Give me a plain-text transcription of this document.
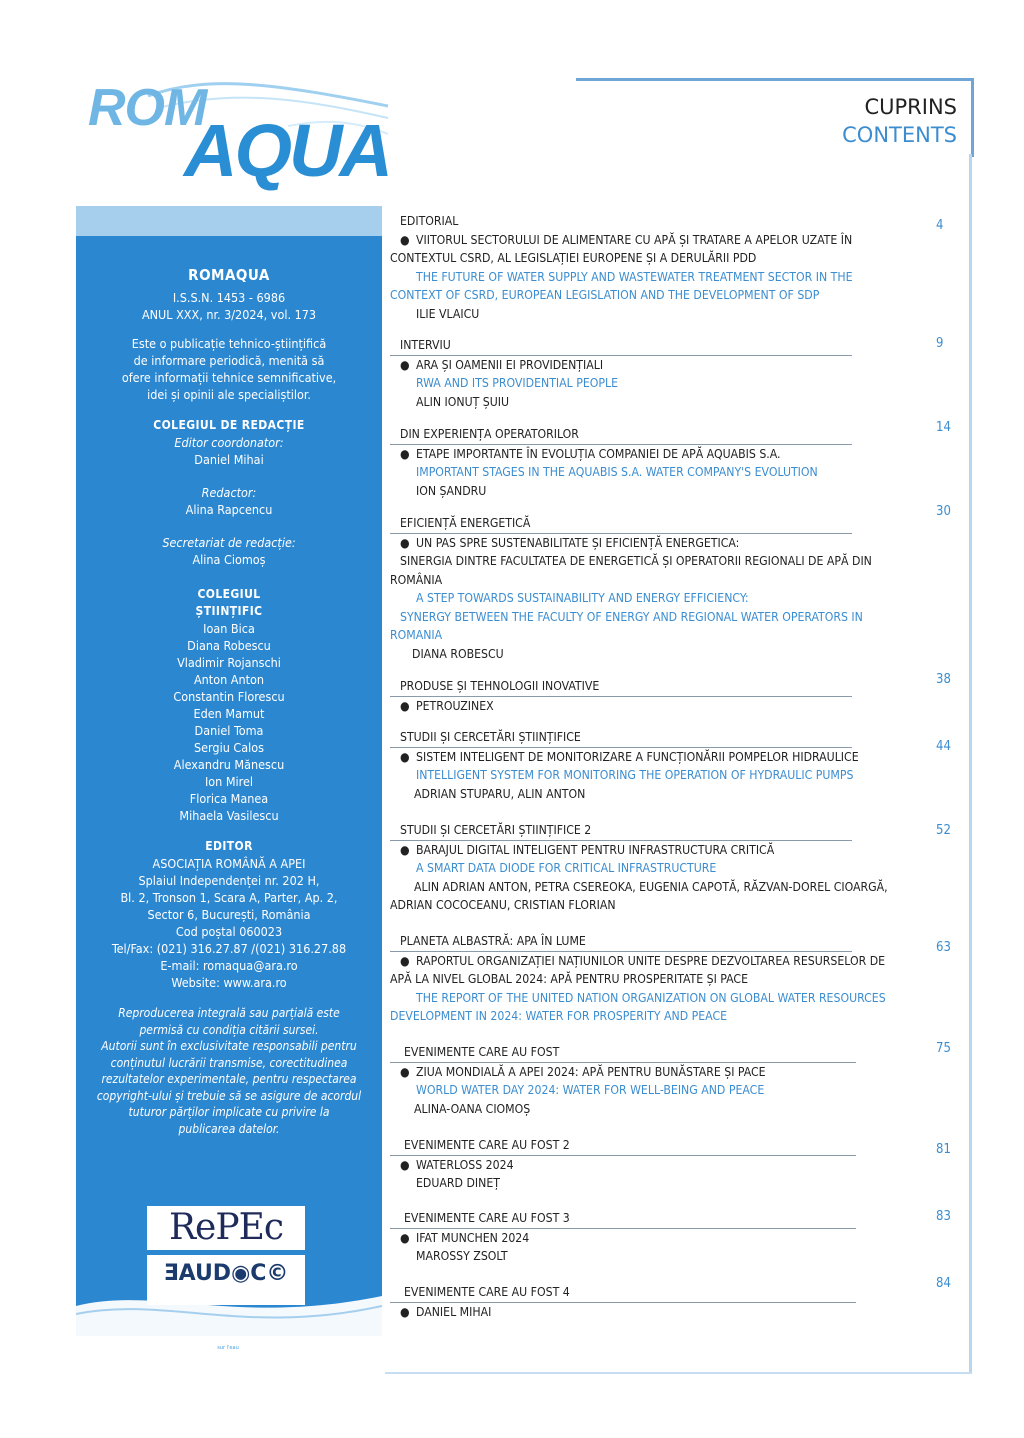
ROM
AQUA
CUPRINS
CONTENTS

ROMAQUA

I.S.S.N. 1453 - 6986

ANUL XXX, nr. 3/2024, vol. 173

Este o publicație tehnico-științifică

de informare periodică, menită să

ofere informații tehnice semnificative,

idei și opinii ale specialiștilor.

COLEGIUL DE REDACȚIE

Editor coordonator:

Daniel Mihai

Redactor:

Alina Rapcencu

Secretariat de redacție:

Alina Ciomoș

COLEGIUL

ȘTIINȚIFIC

Ioan Bica

Diana Robescu

Vladimir Rojanschi

Anton Anton

Constantin Florescu

Eden Mamut

Daniel Toma

Sergiu Calos

Alexandru Mănescu

Ion Mirel

Florica Manea

Mihaela Vasilescu

EDITOR

ASOCIAȚIA ROMÂNĂ A APEI

Splaiul Independenței nr. 202 H,

Bl. 2, Tronson 1, Scara A, Parter, Ap. 2,

Sector 6, București, România

Cod poștal 060023

Tel/Fax: (021) 316.27.87 /(021) 316.27.88

E-mail: romaqua@ara.ro

Website: www.ara.ro

Reproducerea integrală sau parțială este

permisă cu condiția citării sursei.

Autorii sunt în exclusivitate responsabili pentru

conținutul lucrării transmise, corectitudinea

rezultatelor experimentale, pentru respectarea

copyright-ului și trebuie să se asigure de acordul

tuturor părților implicate cu privire la

publicarea datelor.

RePEc
ƎAUD◉C©
sur l'eau
EDITORIAL
● VIITORUL SECTORULUI DE ALIMENTARE CU APĂ ȘI TRATARE A APELOR UZATE ÎN
CONTEXTUL CSRD, AL LEGISLAȚIEI EUROPENE ȘI A DERULĂRII PDD
THE FUTURE OF WATER SUPPLY AND WASTEWATER TREATMENT SECTOR IN THE
CONTEXT OF CSRD, EUROPEAN LEGISLATION AND THE DEVELOPMENT OF SDP
ILIE VLAICU
4
INTERVIU
● ARA ȘI OAMENII EI PROVIDENȚIALI
RWA AND ITS PROVIDENTIAL PEOPLE
ALIN IONUȚ ȘUIU
9
DIN EXPERIENȚA OPERATORILOR
● ETAPE IMPORTANTE ÎN EVOLUȚIA COMPANIEI DE APĂ AQUABIS S.A.
IMPORTANT STAGES IN THE AQUABIS S.A. WATER COMPANY'S EVOLUTION
ION ȘANDRU
14
EFICIENȚĂ ENERGETICĂ
● UN PAS SPRE SUSTENABILITATE ȘI EFICIENȚĂ ENERGETICA:
SINERGIA DINTRE FACULTATEA DE ENERGETICĂ ȘI OPERATORII REGIONALI DE APĂ DIN
ROMÂNIA
A STEP TOWARDS SUSTAINABILITY AND ENERGY EFFICIENCY:
SYNERGY BETWEEN THE FACULTY OF ENERGY AND REGIONAL WATER OPERATORS IN
ROMANIA
DIANA ROBESCU
30
PRODUSE ȘI TEHNOLOGII INOVATIVE
● PETROUZINEX
38
STUDII ȘI CERCETĂRI ȘTIINȚIFICE
● SISTEM INTELIGENT DE MONITORIZARE A FUNCȚIONĂRII POMPELOR HIDRAULICE
INTELLIGENT SYSTEM FOR MONITORING THE OPERATION OF HYDRAULIC PUMPS
ADRIAN STUPARU, ALIN ANTON
44
STUDII ȘI CERCETĂRI ȘTIINȚIFICE 2
● BARAJUL DIGITAL INTELIGENT PENTRU INFRASTRUCTURA CRITICĂ
A SMART DATA DIODE FOR CRITICAL INFRASTRUCTURE
ALIN ADRIAN ANTON, PETRA CSEREOKA, EUGENIA CAPOTĂ, RĂZVAN-DOREL CIOARGĂ,
ADRIAN COCOCEANU, CRISTIAN FLORIAN
52
PLANETA ALBASTRĂ: APA ÎN LUME
● RAPORTUL ORGANIZAȚIEI NAȚIUNILOR UNITE DESPRE DEZVOLTAREA RESURSELOR DE
APĂ LA NIVEL GLOBAL 2024: APĂ PENTRU PROSPERITATE ȘI PACE
THE REPORT OF THE UNITED NATION ORGANIZATION ON GLOBAL WATER RESOURCES
DEVELOPMENT IN 2024: WATER FOR PROSPERITY AND PEACE
63
EVENIMENTE CARE AU FOST
● ZIUA MONDIALĂ A APEI 2024: APĂ PENTRU BUNĂSTARE ȘI PACE
WORLD WATER DAY 2024: WATER FOR WELL-BEING AND PEACE
ALINA-OANA CIOMOȘ
75
EVENIMENTE CARE AU FOST 2
● WATERLOSS 2024
EDUARD DINEȚ
81
EVENIMENTE CARE AU FOST 3
● IFAT MUNCHEN 2024
MAROSSY ZSOLT
83
EVENIMENTE CARE AU FOST 4
● DANIEL MIHAI
84
